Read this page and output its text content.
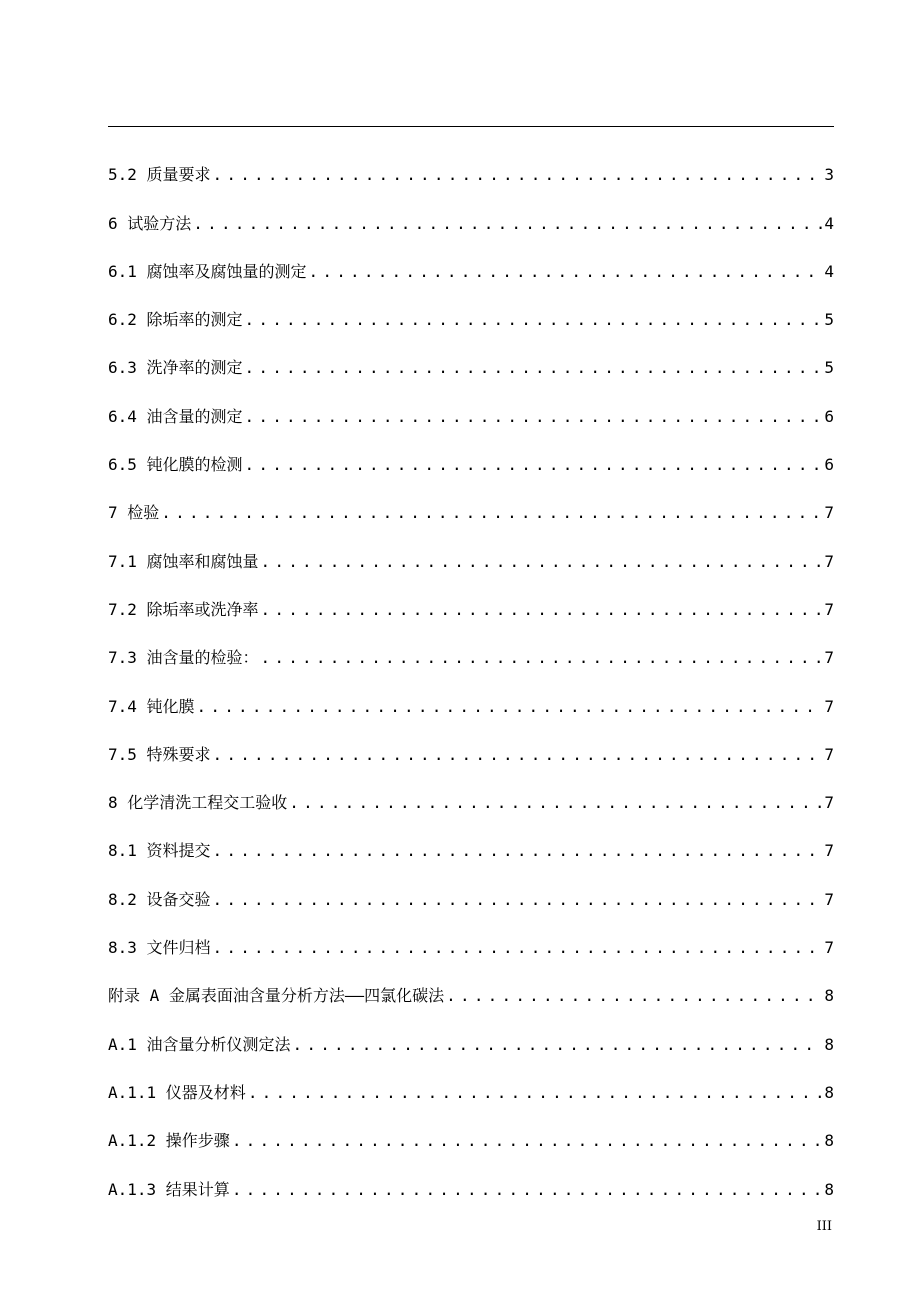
5.2 质量要求 .....	3
6 试验方法 .....	4
6.1 腐蚀率及腐蚀量的测定 .....	4
6.2 除垢率的测定 .....	5
6.3 洗净率的测定 .....	5
6.4 油含量的测定 .....	6
6.5 钝化膜的检测 .....	6
7 检验 .....	7
7.1 腐蚀率和腐蚀量 .....	7
7.2 除垢率或洗净率 .....	7
7.3 油含量的检验： .....	7
7.4 钝化膜 .....	7
7.5 特殊要求 .....	7
8 化学清洗工程交工验收 .....	7
8.1 资料提交 .....	7
8.2 设备交验 .....	7
8.3 文件归档 .....	7
附录 A 金属表面油含量分析方法——四氯化碳法 .....	8
A.1 油含量分析仪测定法 .....	8
A.1.1 仪器及材料 .....	8
A.1.2 操作步骤 .....	8
A.1.3 结果计算 .....	8
III
